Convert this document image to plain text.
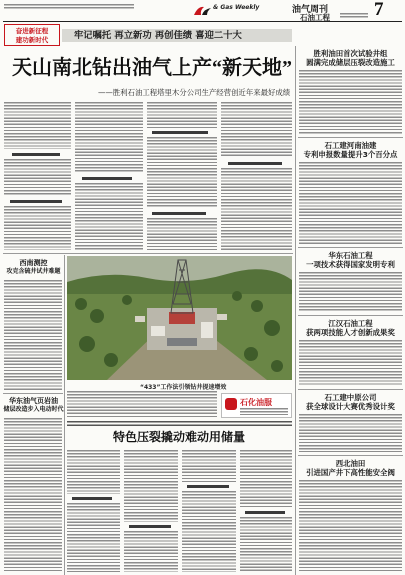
& Gas Weekly	油气周刊
石油工程 7
奋进新征程
建功新时代	牢记嘱托 再立新功 再创佳绩 喜迎二十大
天山南北钻出油气上产“新天地”
——胜利石油工程塔里木分公司生产经营创近年来最好成绩
胜利油田首次试验井组
圆满完成储层压裂改造施工
石工建河南油建
专利申报数量提升3个百分点
华东石油工程
一项技术获得国家发明专利
江汉石油工程
获两项技能人才创新成果奖
石工建中原公司
获全球设计大赛优秀设计奖
西北油田
引进国产井下高性能安全阀
西南测控
攻克含硫井试井难题
华东油气页岩油
储层改造步入电动时代
“433”工作法引领钻井提速增效
石化油服
特色压裂撬动难动用储量
